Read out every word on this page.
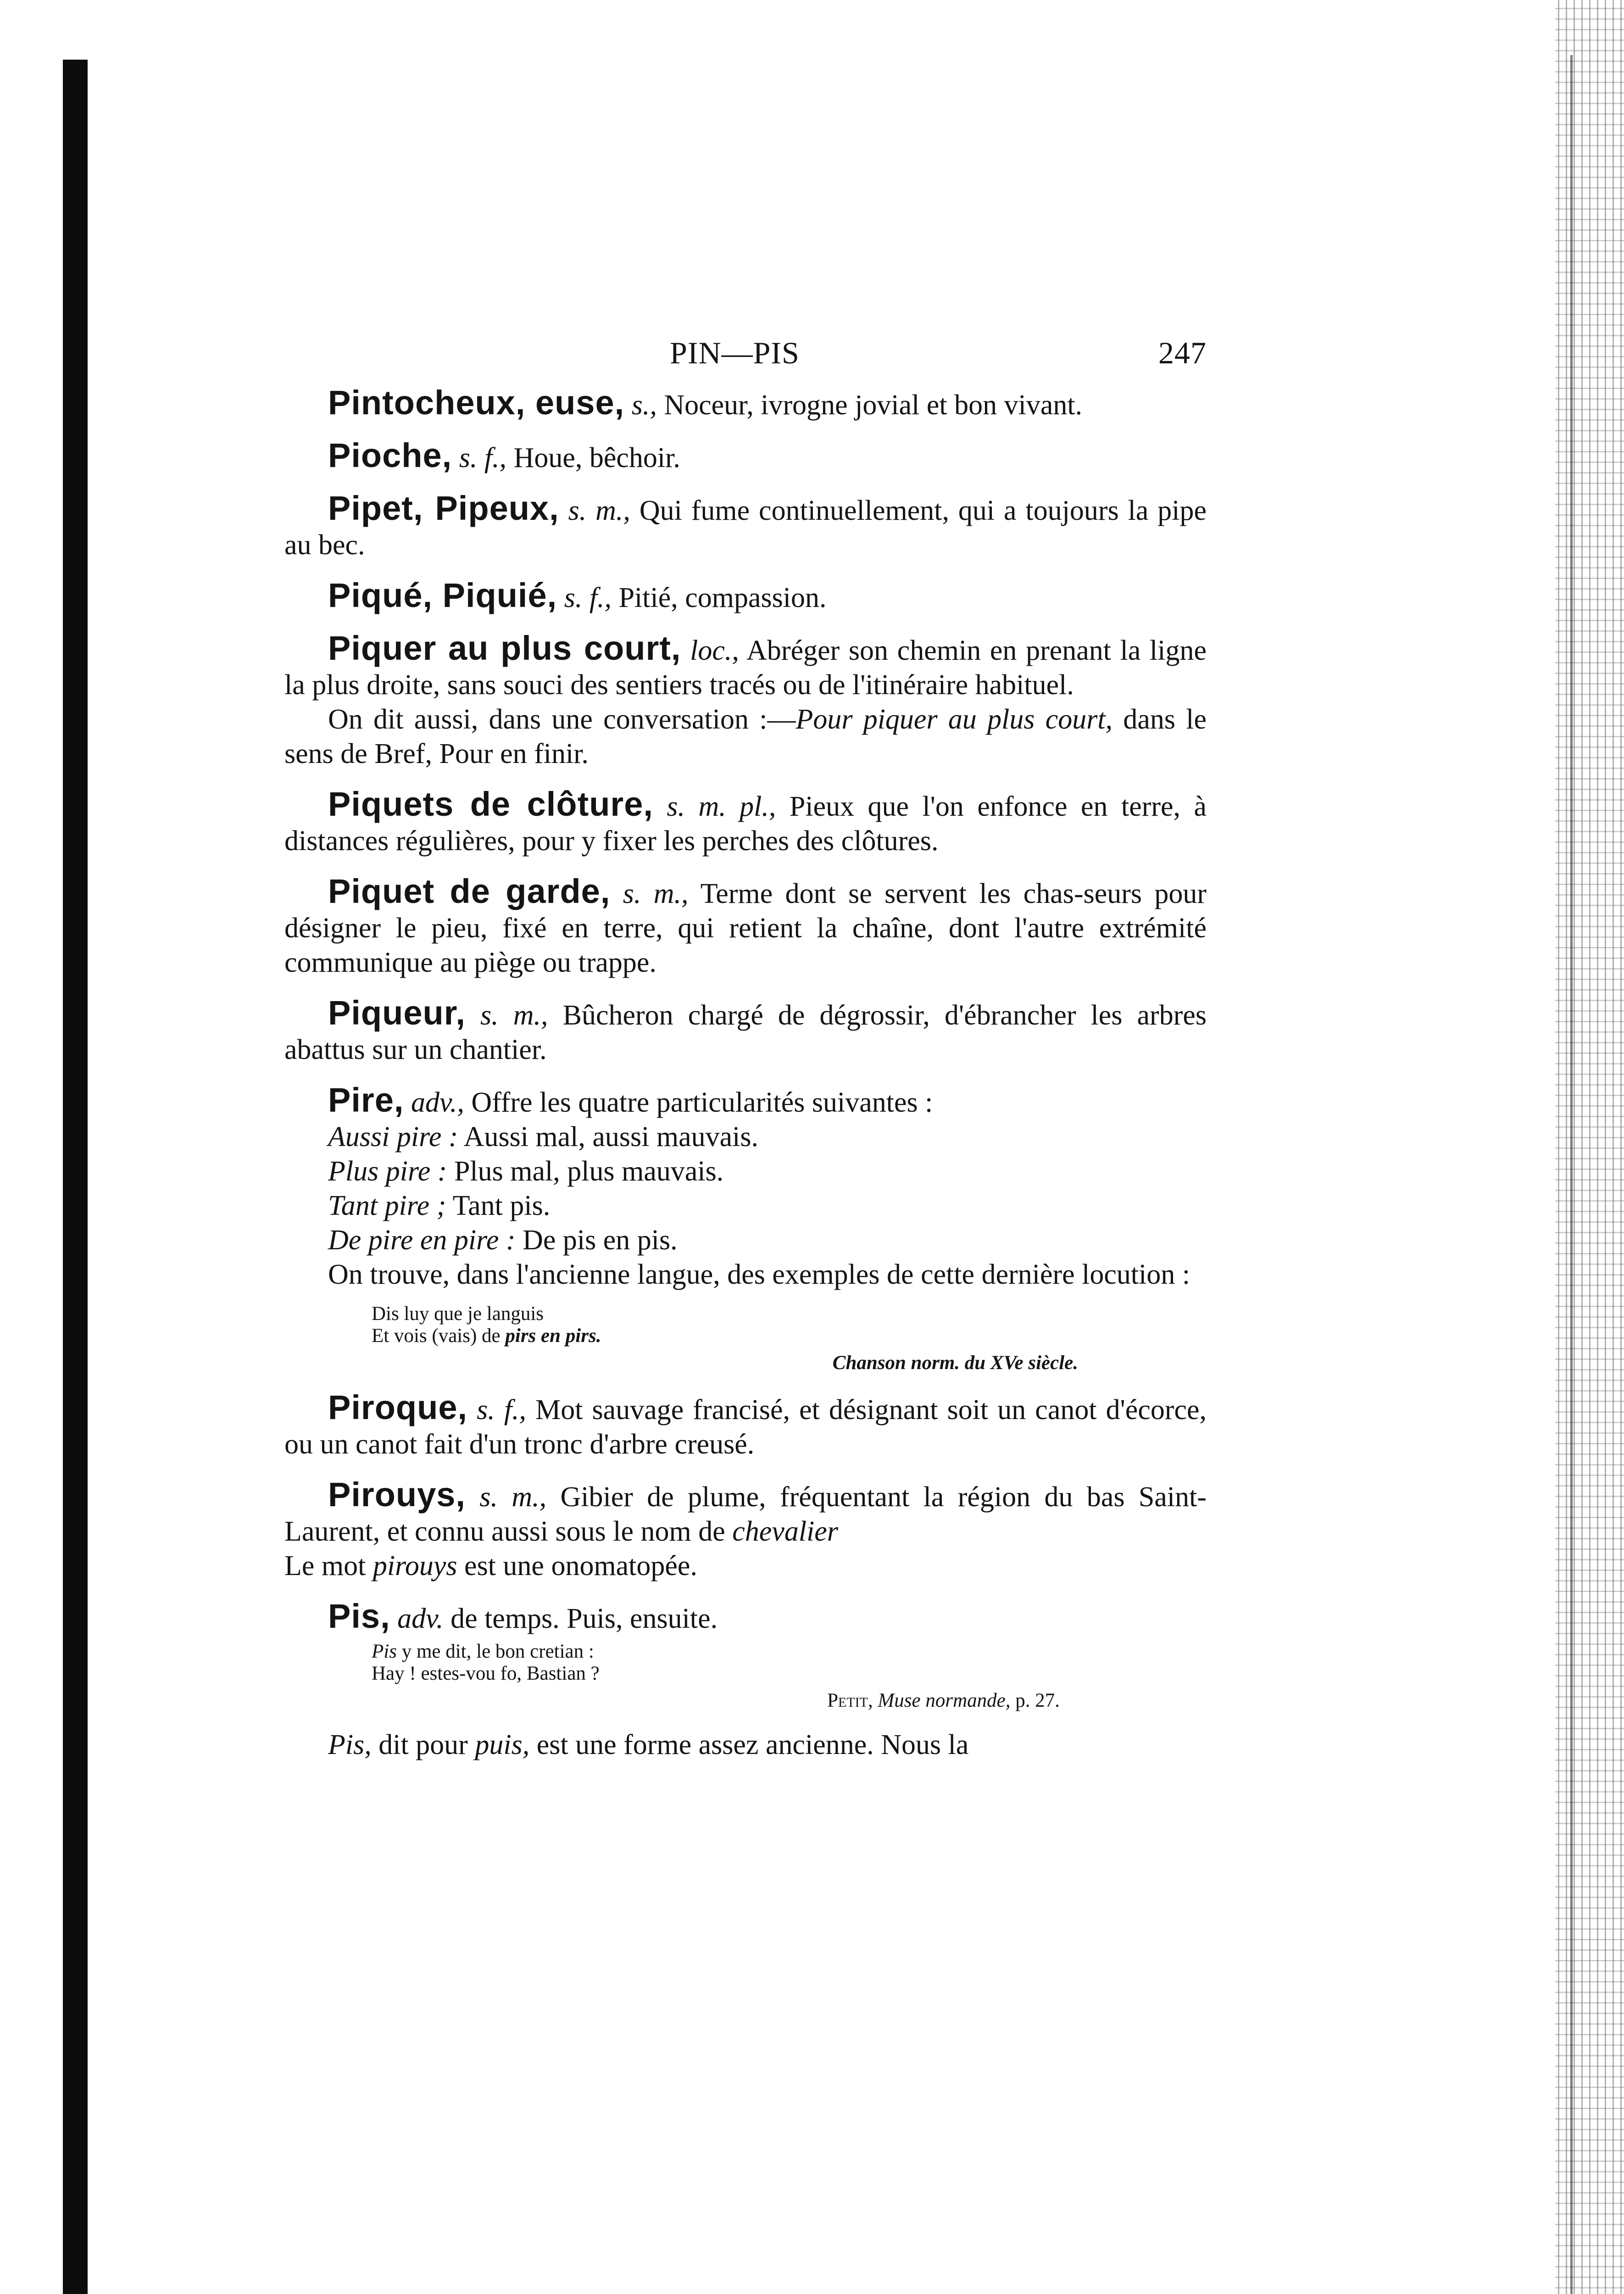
PIN—PIS	247
Pintocheux, euse, s., Noceur, ivrogne jovial et bon vivant.
Pioche, s. f., Houe, bêchoir.
Pipet, Pipeux, s. m., Qui fume continuellement, qui a toujours la pipe au bec.
Piqué, Piquié, s. f., Pitié, compassion.
Piquer au plus court, loc., Abréger son chemin en prenant la ligne la plus droite, sans souci des sentiers tracés ou de l'itinéraire habituel.
On dit aussi, dans une conversation :—Pour piquer au plus court, dans le sens de Bref, Pour en finir.
Piquets de clôture, s. m. pl., Pieux que l'on enfonce en terre, à distances régulières, pour y fixer les perches des clôtures.
Piquet de garde, s. m., Terme dont se servent les chas-seurs pour désigner le pieu, fixé en terre, qui retient la chaîne, dont l'autre extrémité communique au piège ou trappe.
Piqueur, s. m., Bûcheron chargé de dégrossir, d'ébrancher les arbres abattus sur un chantier.
Pire, adv., Offre les quatre particularités suivantes :
Aussi pire : Aussi mal, aussi mauvais.
Plus pire : Plus mal, plus mauvais.
Tant pire ; Tant pis.
De pire en pire : De pis en pis.
On trouve, dans l'ancienne langue, des exemples de cette dernière locution :
Dis luy que je languis
Et vois (vais) de pirs en pirs.
Chanson norm. du XVe siècle.
Piroque, s. f., Mot sauvage francisé, et désignant soit un canot d'écorce, ou un canot fait d'un tronc d'arbre creusé.
Pirouys, s. m., Gibier de plume, fréquentant la région du bas Saint-Laurent, et connu aussi sous le nom de chevalier
Le mot pirouys est une onomatopée.
Pis, adv. de temps. Puis, ensuite.
Pis y me dit, le bon cretian :
Hay ! estes-vou fo, Bastian ?
Petit, Muse normande, p. 27.
Pis, dit pour puis, est une forme assez ancienne. Nous la
